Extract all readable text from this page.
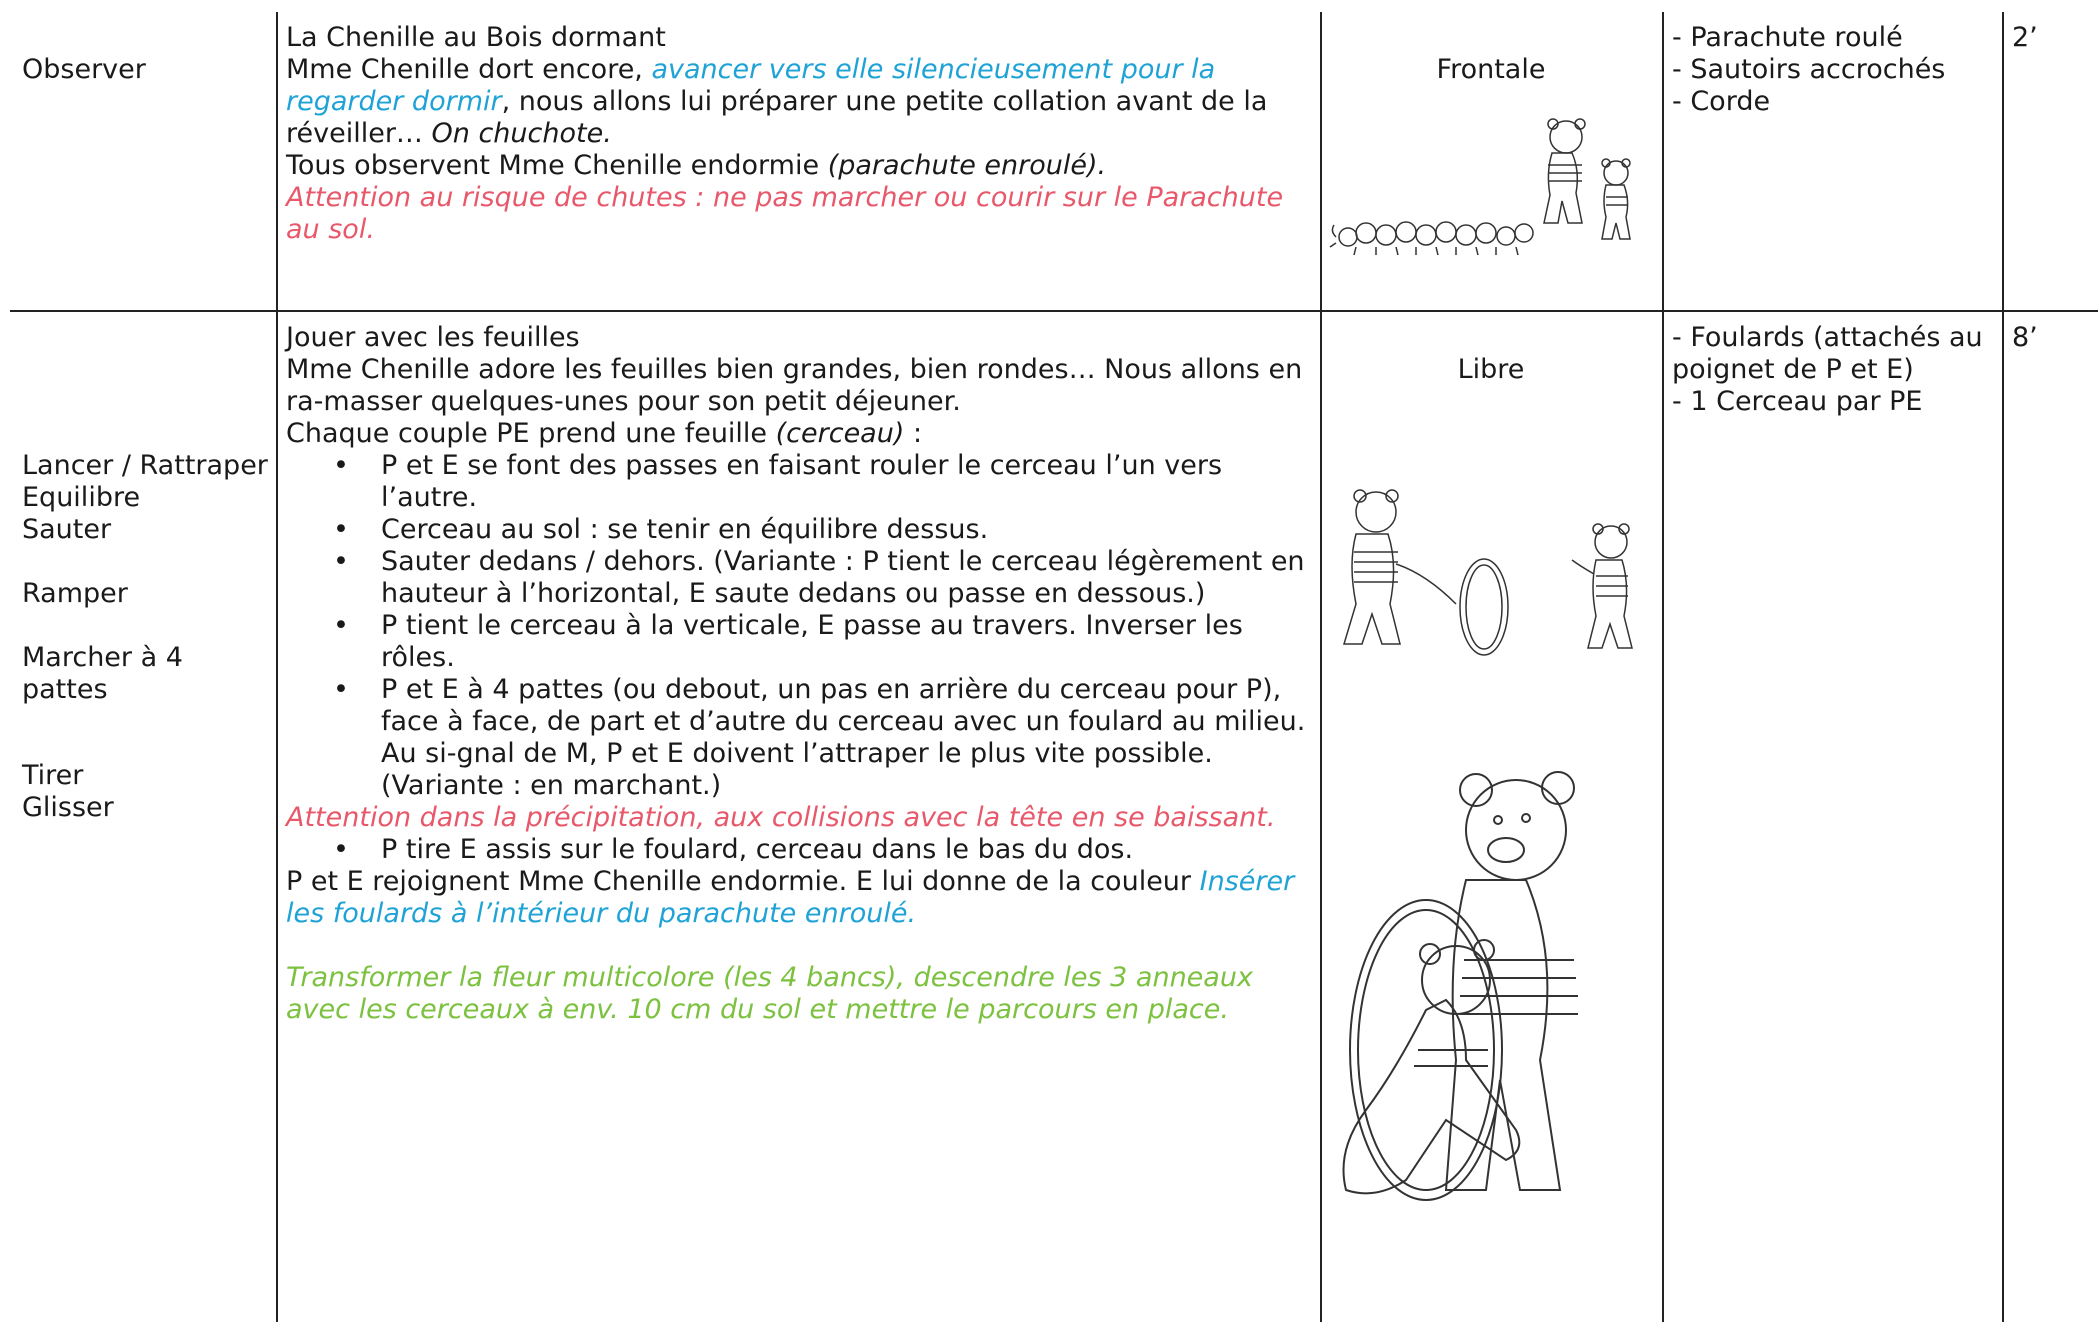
Observer

La Chenille au Bois dormant

Mme Chenille dort encore, avancer vers elle silencieusement pour la regarder dormir, nous allons lui préparer une petite collation avant de la réveiller… On chuchote.

Tous observent Mme Chenille endormie (parachute enroulé).

Attention au risque de chutes : ne pas marcher ou courir sur le Parachute au sol.

Frontale

- Parachute roulé

- Sautoirs accrochés

- Corde

2’

Lancer / Rattraper

Equilibre

Sauter

Ramper

Marcher à 4

pattes

Tirer

Glisser

Jouer avec les feuilles

Mme Chenille adore les feuilles bien grandes, bien rondes… Nous allons en ra-masser quelques-unes pour son petit déjeuner.

Chaque couple PE prend une feuille (cerceau) :

• P et E se font des passes en faisant rouler le cerceau l’un vers l’autre.
• Cerceau au sol : se tenir en équilibre dessus.
• Sauter dedans / dehors. (Variante : P tient le cerceau légèrement en hauteur à l’horizontal, E saute dedans ou passe en dessous.)
• P tient le cerceau à la verticale, E passe au travers. Inverser les rôles.
• P et E à 4 pattes (ou debout, un pas en arrière du cerceau pour P), face à face, de part et d’autre du cerceau avec un foulard au milieu. Au si-gnal de M, P et E doivent l’attraper le plus vite possible. (Variante : en marchant.)

Attention dans la précipitation, aux collisions avec la tête en se baissant.

• P tire E assis sur le foulard, cerceau dans le bas du dos.

P et E rejoignent Mme Chenille endormie. E lui donne de la couleur Insérer les foulards à l’intérieur du parachute enroulé.

Transformer la fleur multicolore (les 4 bancs), descendre les 3 anneaux avec les cerceaux à env. 10 cm du sol et mettre le parcours en place.

Libre

- Foulards (attachés au

poignet de P et E)

- 1 Cerceau par PE

8’
